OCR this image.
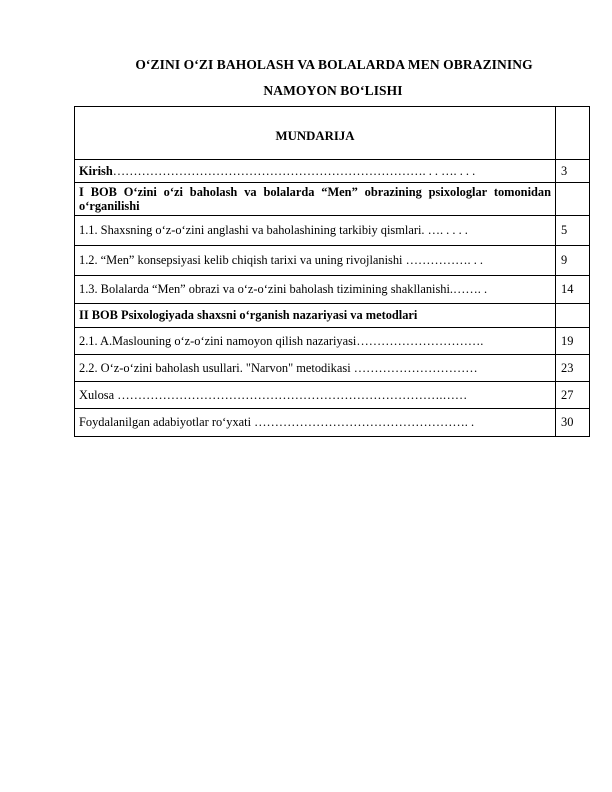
O‘ZINI O‘ZI BAHOLASH VA BOLALARDA MEN OBRAZINING
NAMOYON BO‘LISHI
MUNDARIJA	
Kirish…………………………………………………………………. . . …. . . .	3
I BOB O‘zini o‘zi baholash va bolalarda “Men” obrazining psixologlar tomonidan o‘rganilishi	
1.1. Shaxsning o‘z-o‘zini anglashi va baholashining tarkibiy qismlari. …. . . . .	5
1.2. “Men” konsepsiyasi kelib chiqish tarixi va uning rivojlanishi ……………. . .	9
1.3. Bolalarda “Men” obrazi va o‘z-o‘zini baholash tizimining shakllanishi.……. .	14
II BOB Psixologiyada shaxsni o‘rganish nazariyasi va metodlari	
2.1. A.Maslouning o‘z-o‘zini namoyon qilish nazariyasi………………………….	19
2.2. O‘z-o‘zini baholash usullari. "Narvon" metodikasi …………………………	23
Xulosa …………………………………………………………………….……	27
Foydalanilgan adabiyotlar ro‘yxati ……………………………………………. .	30
